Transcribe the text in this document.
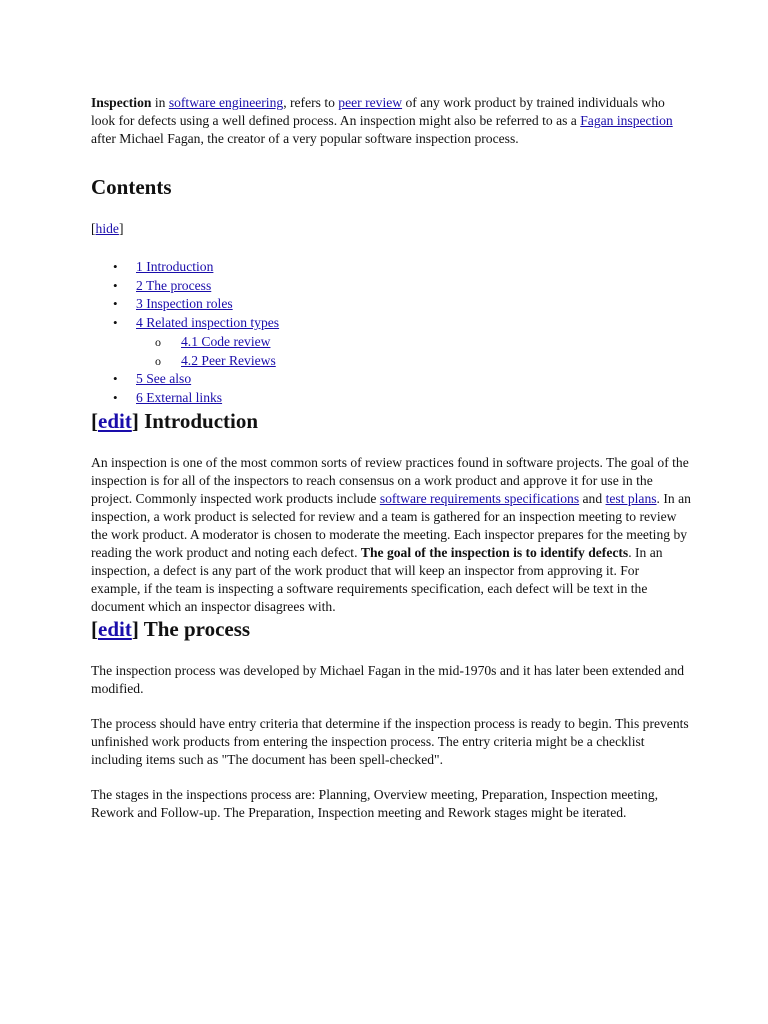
Inspection in software engineering, refers to peer review of any work product by trained individuals who look for defects using a well defined process. An inspection might also be referred to as a Fagan inspection after Michael Fagan, the creator of a very popular software inspection process.

Contents
[hide]
• 1 Introduction
• 2 The process
• 3 Inspection roles
• 4 Related inspection types
o 4.1 Code review
o 4.2 Peer Reviews
• 5 See also
• 6 External links
[edit] Introduction

An inspection is one of the most common sorts of review practices found in software projects. The goal of the inspection is for all of the inspectors to reach consensus on a work product and approve it for use in the project. Commonly inspected work products include software requirements specifications and test plans. In an inspection, a work product is selected for review and a team is gathered for an inspection meeting to review the work product. A moderator is chosen to moderate the meeting. Each inspector prepares for the meeting by reading the work product and noting each defect. The goal of the inspection is to identify defects. In an inspection, a defect is any part of the work product that will keep an inspector from approving it. For example, if the team is inspecting a software requirements specification, each defect will be text in the document which an inspector disagrees with.

[edit] The process

The inspection process was developed by Michael Fagan in the mid-1970s and it has later been extended and modified.

The process should have entry criteria that determine if the inspection process is ready to begin. This prevents unfinished work products from entering the inspection process. The entry criteria might be a checklist including items such as "The document has been spell-checked".

The stages in the inspections process are: Planning, Overview meeting, Preparation, Inspection meeting, Rework and Follow-up. The Preparation, Inspection meeting and Rework stages might be iterated.
